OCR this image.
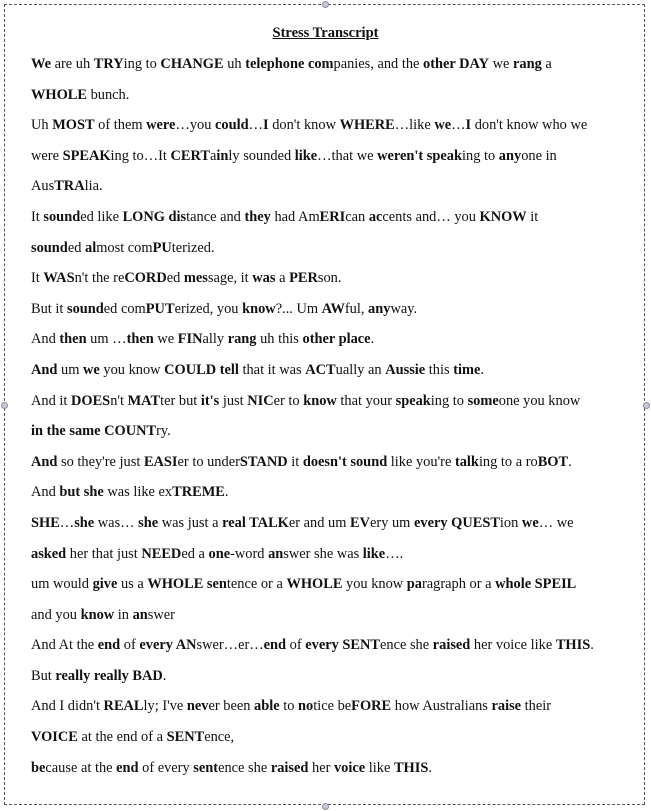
Stress Transcript
We are uh TRYing to CHANGE uh telephone companies, and the other DAY we rang a
WHOLE bunch.
Uh MOST of them were…you could…I don't know WHERE…like we…I don't know who we
were SPEAKing to…It CERTainly sounded like…that we weren't speaking to anyone in
AusTRAlia.
It sounded like LONG distance and they had AmERIcan accents and… you KNOW it
sounded almost comPUterized.
It WASn't the reCORDed message, it was a PERson.
But it sounded comPUTerized, you know?... Um AWful, anyway.
And then um …then we FINally rang uh this other place.
And um we you know COULD tell that it was ACTually an Aussie this time.
And it DOESn't MATter but it's just NICer to know that your speaking to someone you know
in the same COUNTry.
And so they're just EASIer to underSTAND it doesn't sound like you're talking to a roBOT.
And but she was like exTREME.
SHE…she was… she was just a real TALKer and um EVery um every QUESTion we… we
asked her that just NEEDed a one-word answer she was like….
um would give us a WHOLE sentence or a WHOLE you know paragraph or a whole SPEIL
and you know in answer
And At the end of every ANswer…er…end of every SENTence she raised her voice like THIS.
But really really BAD.
And I didn't REALly; I've never been able to notice beFORE how Australians raise their
VOICE at the end of a SENTence,
because at the end of every sentence she raised her voice like THIS.
